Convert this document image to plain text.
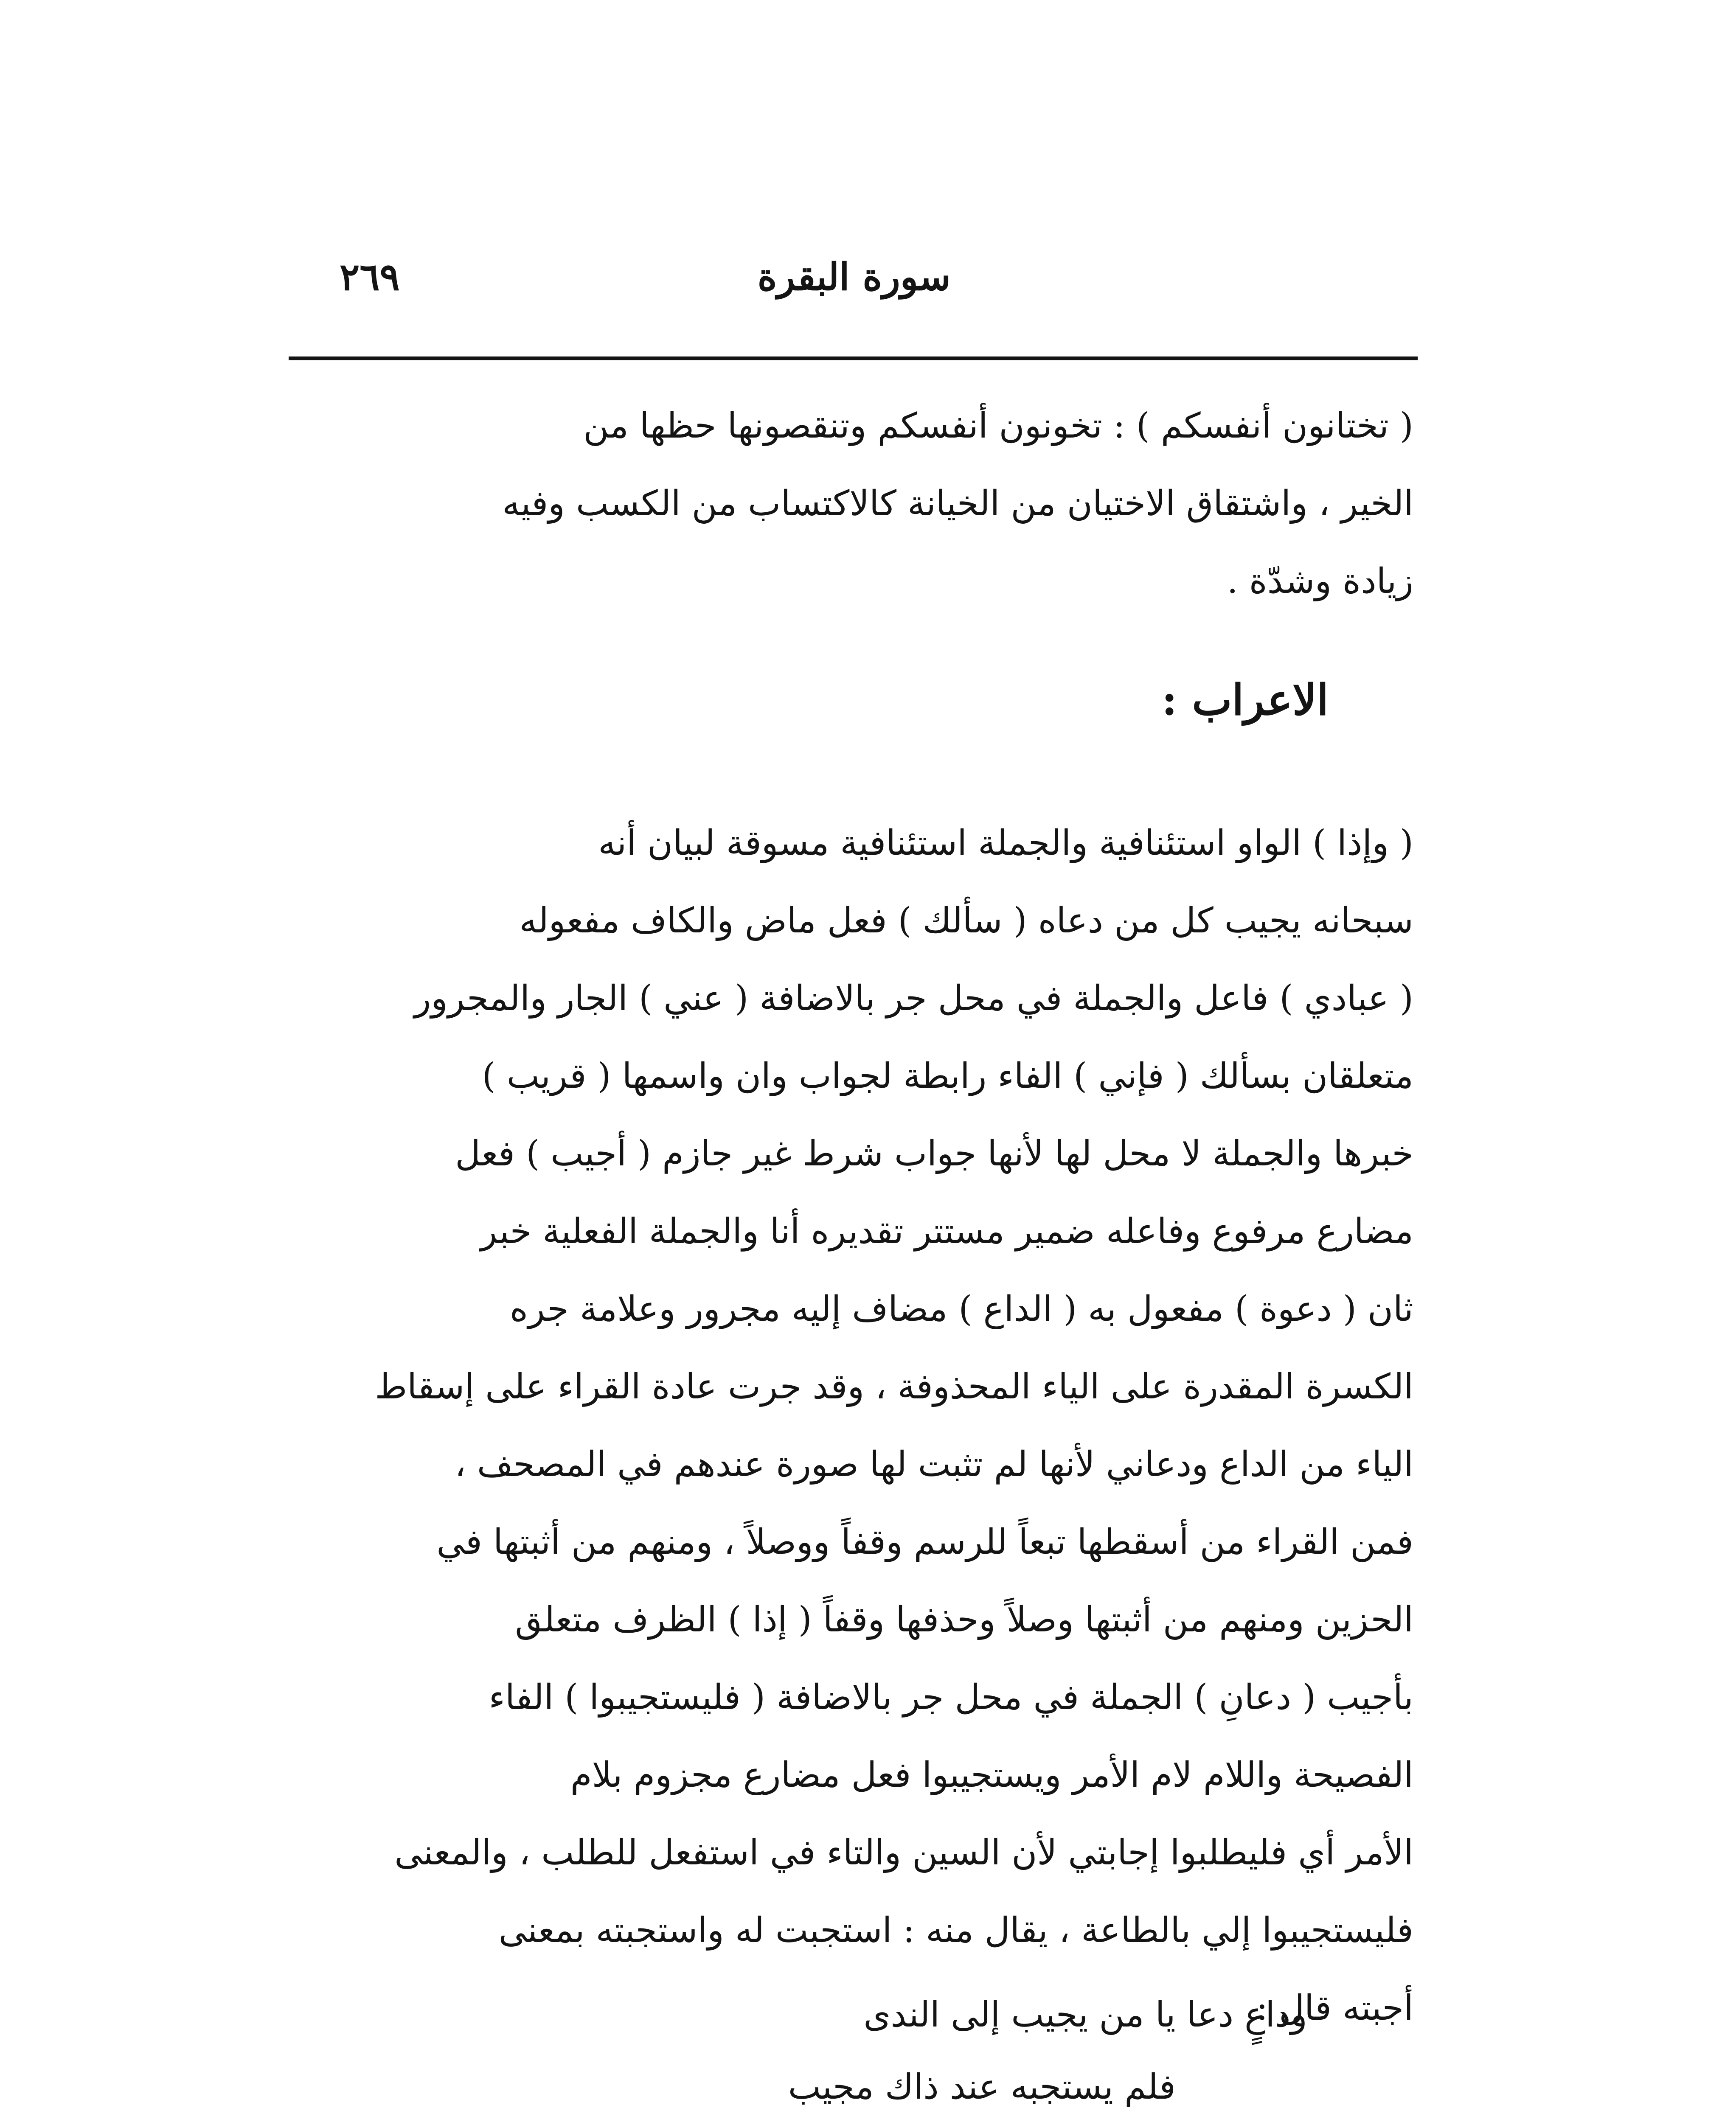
سورة البقرة
٢٦٩
( تختانون أنفسكم ) : تخونون أنفسكم وتنقصونها حظها من
الخير ، واشتقاق الاختيان من الخيانة كالاكتساب من الكسب وفيه
زيادة وشدّة .
الاعراب :
( وإذا ) الواو استئنافية والجملة استئنافية مسوقة لبيان أنه
سبحانه يجيب كل من دعاه ( سألك ) فعل ماض والكاف مفعوله
( عبادي ) فاعل والجملة في محل جر بالاضافة ( عني ) الجار والمجرور
متعلقان بسألك ( فإني ) الفاء رابطة لجواب وان واسمها ( قريب )
خبرها والجملة لا محل لها لأنها جواب شرط غير جازم ( أجيب ) فعل
مضارع مرفوع وفاعله ضمير مستتر تقديره أنا والجملة الفعلية خبر
ثان ( دعوة ) مفعول به ( الداع ) مضاف إليه مجرور وعلامة جره
الكسرة المقدرة على الياء المحذوفة ، وقد جرت عادة القراء على إسقاط
الياء من الداع ودعاني لأنها لم تثبت لها صورة عندهم في المصحف ،
فمن القراء من أسقطها تبعاً للرسم وقفاً ووصلاً ، ومنهم من أثبتها في
الحزين ومنهم من أثبتها وصلاً وحذفها وقفاً ( إذا ) الظرف متعلق
بأجيب ( دعانِ ) الجملة في محل جر بالاضافة ( فليستجيبوا ) الفاء
الفصيحة واللام لام الأمر ويستجيبوا فعل مضارع مجزوم بلام
الأمر أي فليطلبوا إجابتي لأن السين والتاء في استفعل للطلب ، والمعنى
فليستجيبوا إلي بالطاعة ، يقال منه : استجبت له واستجبته بمعنى
أجبته قال :
وداعٍ دعا يا من يجيب إلى الندى
فلم يستجبه عند ذاك مجيب
